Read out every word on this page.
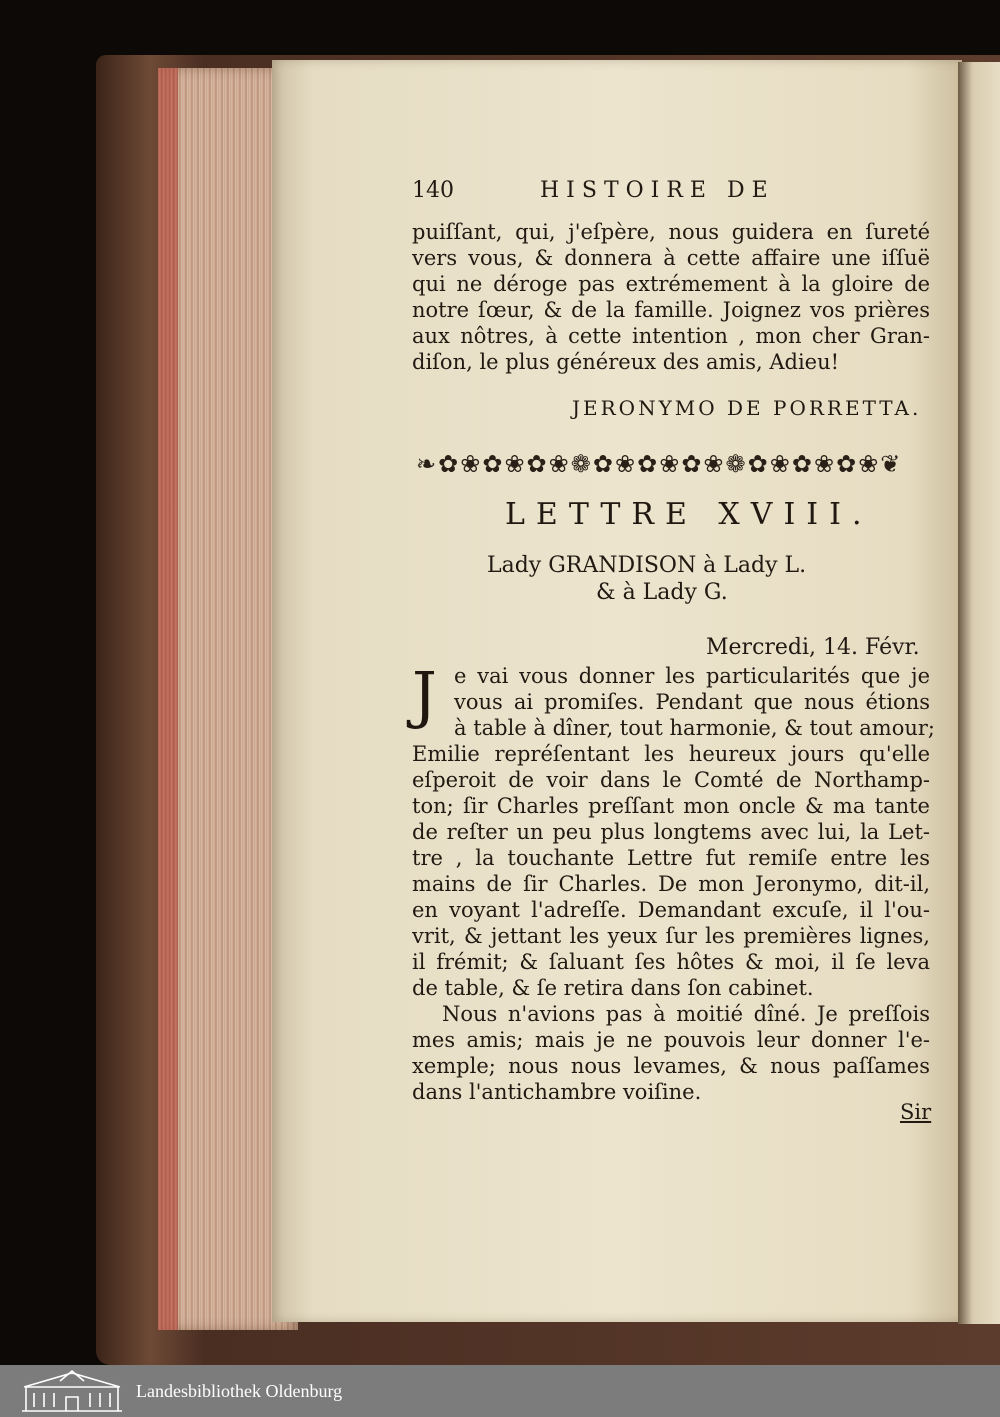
140	HISTOIRE DE
puiſſant, qui, j'eſpère, nous guidera en ſureté
vers vous, & donnera à cette affaire une iſſuë
qui ne déroge pas extrémement à la gloire de
notre ſœur, & de la famille. Joignez vos prières
aux nôtres, à cette intention , mon cher Gran-
diſon, le plus généreux des amis, Adieu!
JERONYMO DE PORRETTA.
❧✿❀✿❀✿❀❁✿❀✿❀✿❀❁✿❀✿❀✿❀❦
LETTRE XVIII.
Lady GRANDISON à Lady L.
& à Lady G.
Mercredi, 14. Févr.
J e vai vous donner les particularités que je
vous ai promiſes. Pendant que nous étions
à table à dîner, tout harmonie, & tout amour;
Emilie repréſentant les heureux jours qu'elle
eſperoit de voir dans le Comté de Northamp-
ton; ſir Charles preſſant mon oncle & ma tante
de reſter un peu plus longtems avec lui, la Let-
tre , la touchante Lettre fut remiſe entre les
mains de ſir Charles. De mon Jeronymo, dit-il,
en voyant l'adreſſe. Demandant excuſe, il l'ou-
vrit, & jettant les yeux ſur les premières lignes,
il frémit; & ſaluant ſes hôtes & moi, il ſe leva
de table, & ſe retira dans ſon cabinet.
Nous n'avions pas à moitié dîné. Je preſſois
mes amis; mais je ne pouvois leur donner l'e-
xemple; nous nous levames, & nous paſſames
dans l'antichambre voiſine.
Sir
Landesbibliothek Oldenburg
